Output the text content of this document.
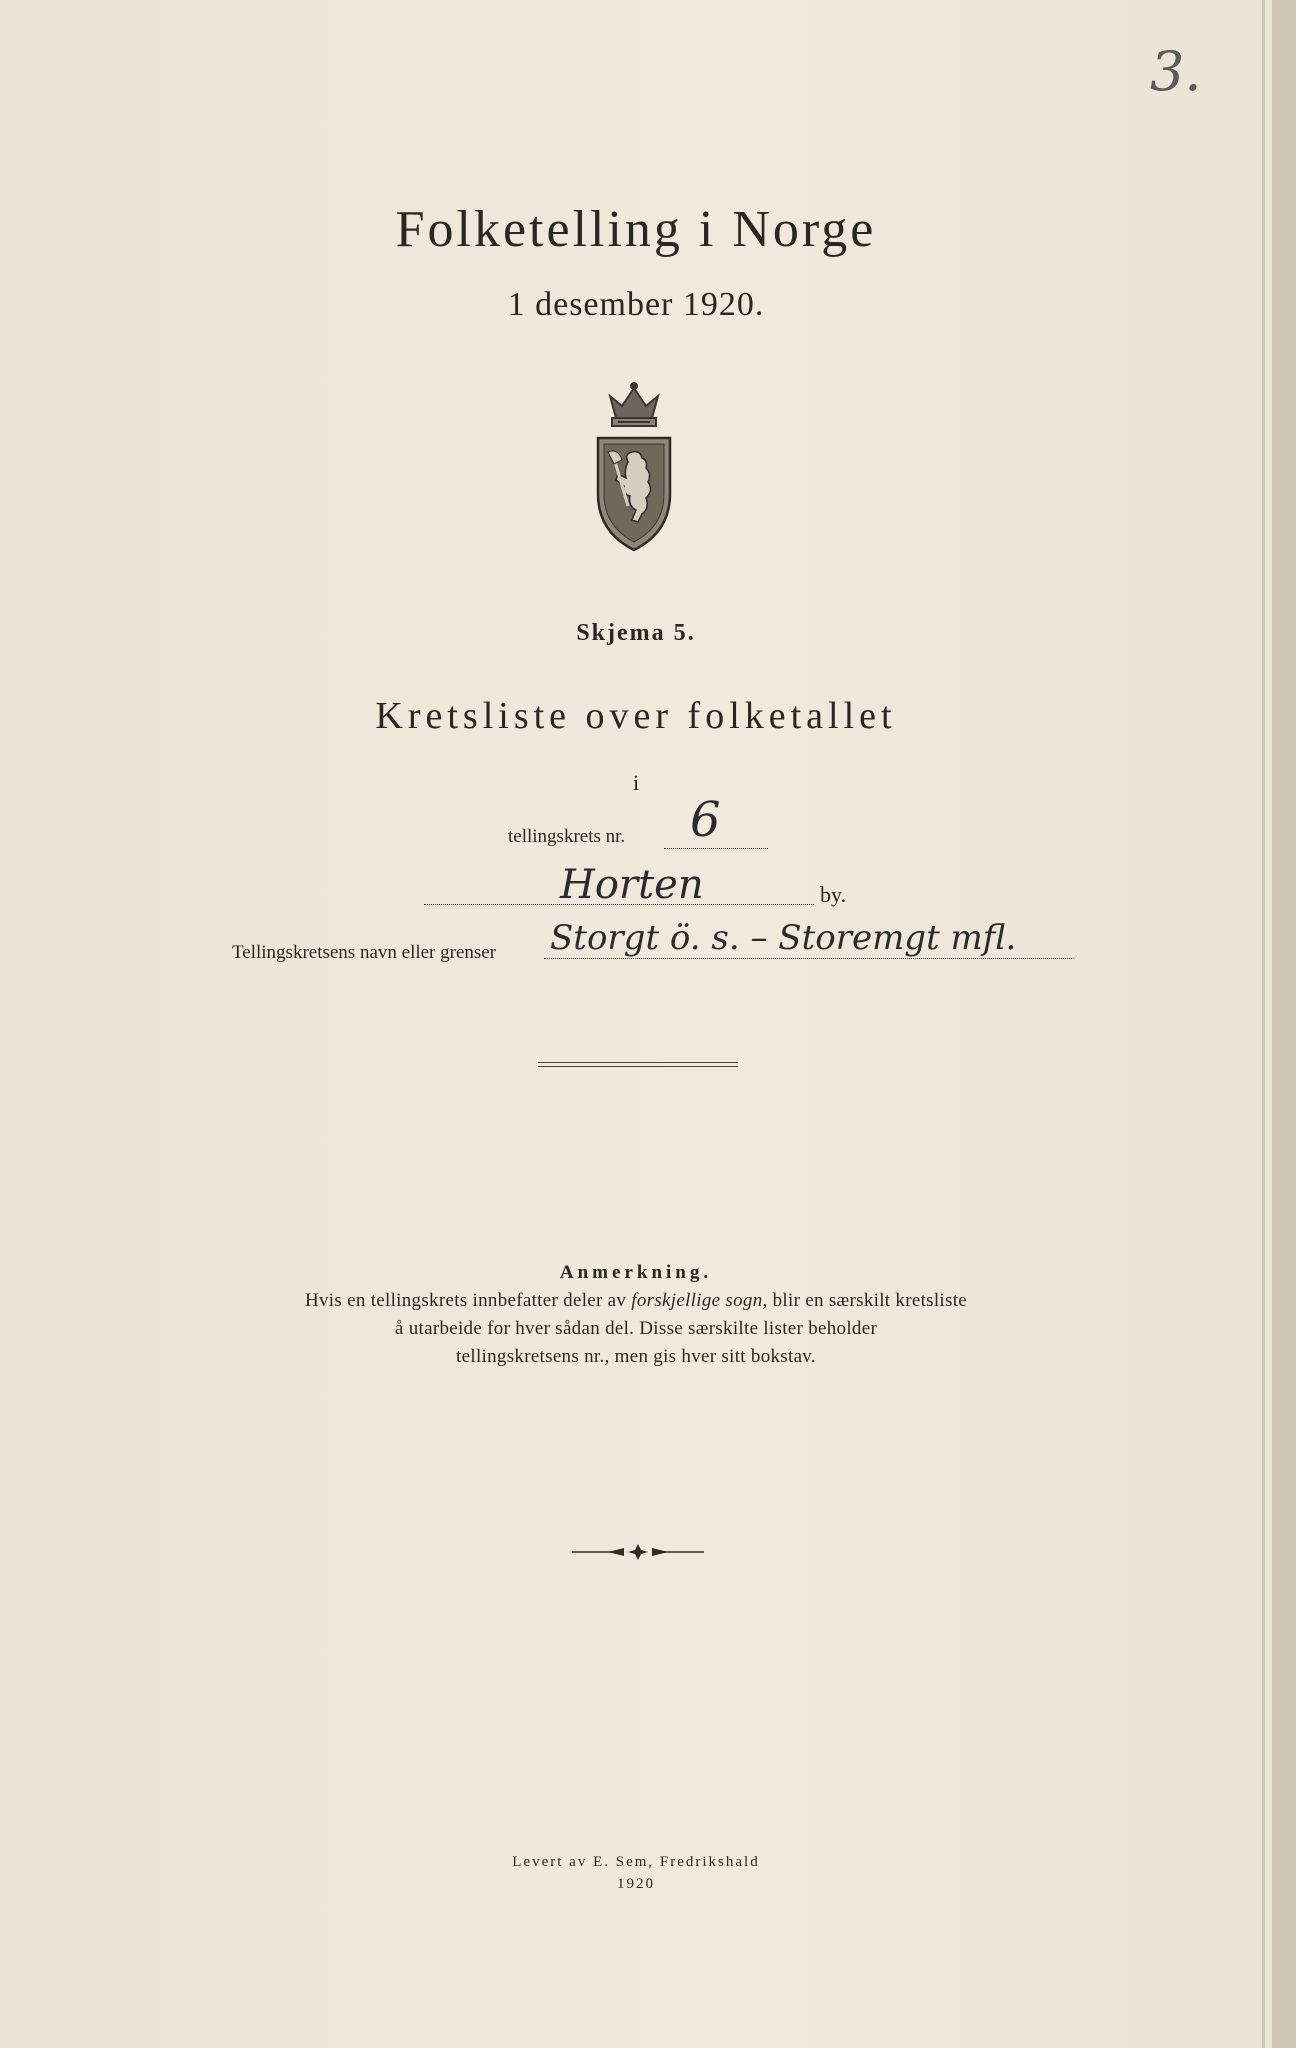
3.
Folketelling i Norge
1 desember 1920.
Skjema 5.
Kretsliste over folketallet
i
tellingskrets nr. 6
Horten	by.
Tellingskretsens navn eller grenser Storgt ö. s. – Storemgt mfl.
Anmerkning.
Hvis en tellingskrets innbefatter deler av forskjellige sogn, blir en særskilt kretsliste
å utarbeide for hver sådan del. Disse særskilte lister beholder
tellingskretsens nr., men gis hver sitt bokstav.
Levert av E. Sem, Fredrikshald
1920
